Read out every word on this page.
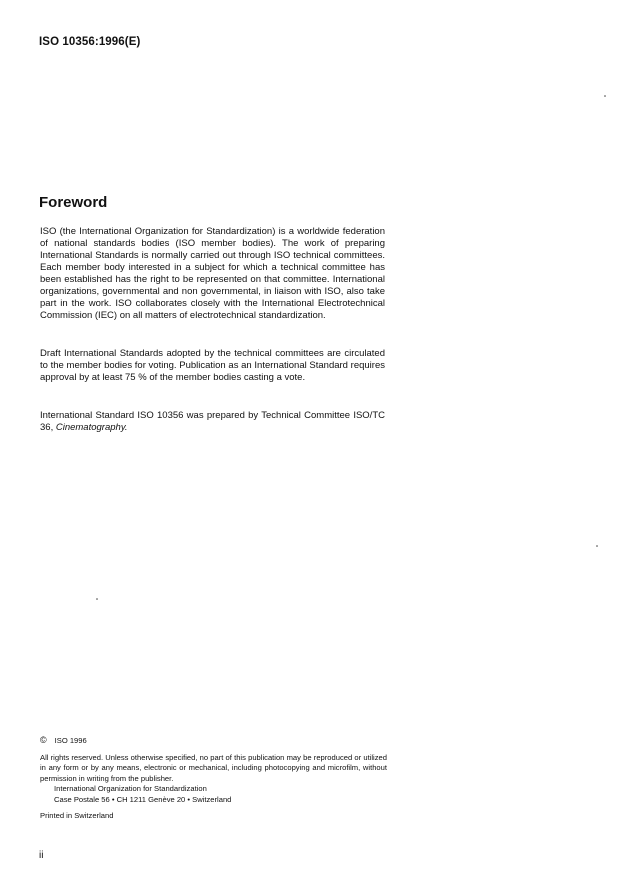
ISO 10356:1996(E)
Foreword

ISO (the International Organization for Standardization) is a worldwide federation of national standards bodies (ISO member bodies). The work of preparing International Standards is normally carried out through ISO technical committees. Each member body interested in a subject for which a technical committee has been established has the right to be represented on that committee. International organizations, governmental and non governmental, in liaison with ISO, also take part in the work. ISO collaborates closely with the International Electrotechnical Commission (IEC) on all matters of electrotechnical standardization.

Draft International Standards adopted by the technical committees are circulated to the member bodies for voting. Publication as an International Standard requires approval by at least 75 % of the member bodies casting a vote.

International Standard ISO 10356 was prepared by Technical Committee ISO/TC 36, Cinematography.

© ISO 1996

All rights reserved. Unless otherwise specified, no part of this publication may be reproduced or utilized in any form or by any means, electronic or mechanical, including photocopying and microfilm, without permission in writing from the publisher.

International Organization for Standardization

Case Postale 56 • CH 1211 Genève 20 • Switzerland

Printed in Switzerland

ii
